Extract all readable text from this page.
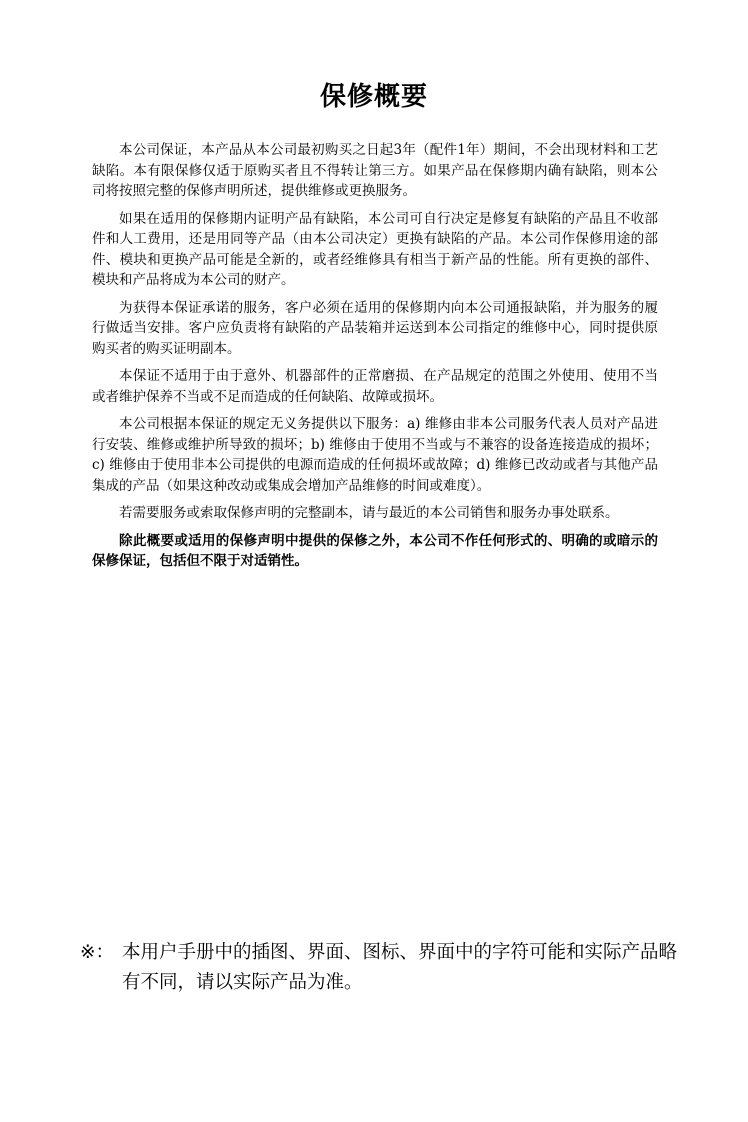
保修概要

本公司保证，本产品从本公司最初购买之日起3年（配件1年）期间，不会出现材料和工艺缺陷。本有限保修仅适于原购买者且不得转让第三方。如果产品在保修期内确有缺陷，则本公司将按照完整的保修声明所述，提供维修或更换服务。

如果在适用的保修期内证明产品有缺陷，本公司可自行决定是修复有缺陷的产品且不收部件和人工费用，还是用同等产品（由本公司决定）更换有缺陷的产品。本公司作保修用途的部件、模块和更换产品可能是全新的，或者经维修具有相当于新产品的性能。所有更换的部件、模块和产品将成为本公司的财产。

为获得本保证承诺的服务，客户必须在适用的保修期内向本公司通报缺陷，并为服务的履行做适当安排。客户应负责将有缺陷的产品装箱并运送到本公司指定的维修中心，同时提供原购买者的购买证明副本。

本保证不适用于由于意外、机器部件的正常磨损、在产品规定的范围之外使用、使用不当或者维护保养不当或不足而造成的任何缺陷、故障或损坏。

本公司根据本保证的规定无义务提供以下服务：a) 维修由非本公司服务代表人员对产品进行安装、维修或维护所导致的损坏；b) 维修由于使用不当或与不兼容的设备连接造成的损坏；c) 维修由于使用非本公司提供的电源而造成的任何损坏或故障；d) 维修已改动或者与其他产品集成的产品（如果这种改动或集成会增加产品维修的时间或难度）。

若需要服务或索取保修声明的完整副本，请与最近的本公司销售和服务办事处联系。

除此概要或适用的保修声明中提供的保修之外，本公司不作任何形式的、明确的或暗示的保修保证，包括但不限于对适销性。

※： 本用户手册中的插图、界面、图标、界面中的字符可能和实际产品略有不同，请以实际产品为准。
